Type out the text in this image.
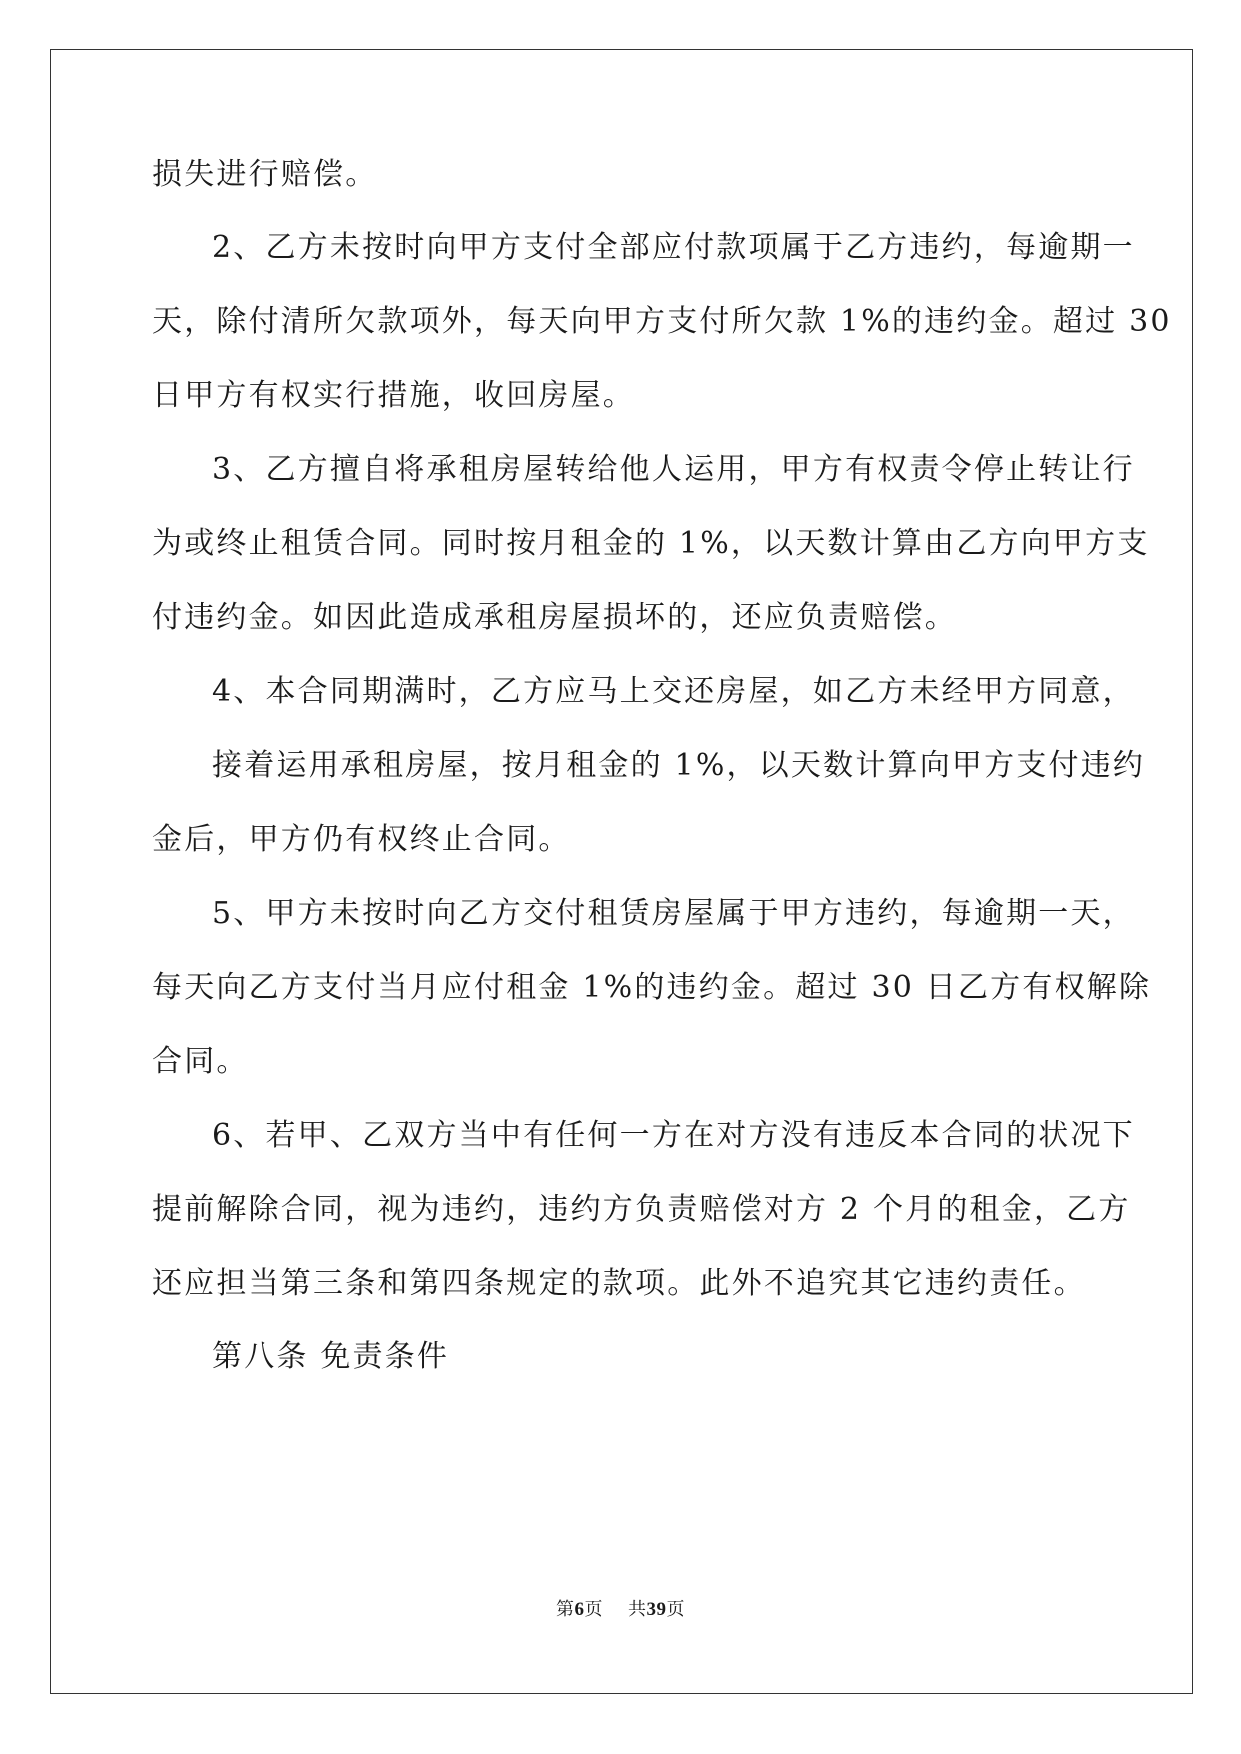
损失进行赔偿。
2、乙方未按时向甲方支付全部应付款项属于乙方违约，每逾期一
天，除付清所欠款项外，每天向甲方支付所欠款 1%的违约金。超过 30
日甲方有权实行措施，收回房屋。
3、乙方擅自将承租房屋转给他人运用，甲方有权责令停止转让行
为或终止租赁合同。同时按月租金的 1%，以天数计算由乙方向甲方支
付违约金。如因此造成承租房屋损坏的，还应负责赔偿。
4、本合同期满时，乙方应马上交还房屋，如乙方未经甲方同意，
接着运用承租房屋，按月租金的 1%，以天数计算向甲方支付违约
金后，甲方仍有权终止合同。
5、甲方未按时向乙方交付租赁房屋属于甲方违约，每逾期一天，
每天向乙方支付当月应付租金 1%的违约金。超过 30 日乙方有权解除
合同。
6、若甲、乙双方当中有任何一方在对方没有违反本合同的状况下
提前解除合同，视为违约，违约方负责赔偿对方 2 个月的租金，乙方
还应担当第三条和第四条规定的款项。此外不追究其它违约责任。
第八条 免责条件
第6页 共39页
